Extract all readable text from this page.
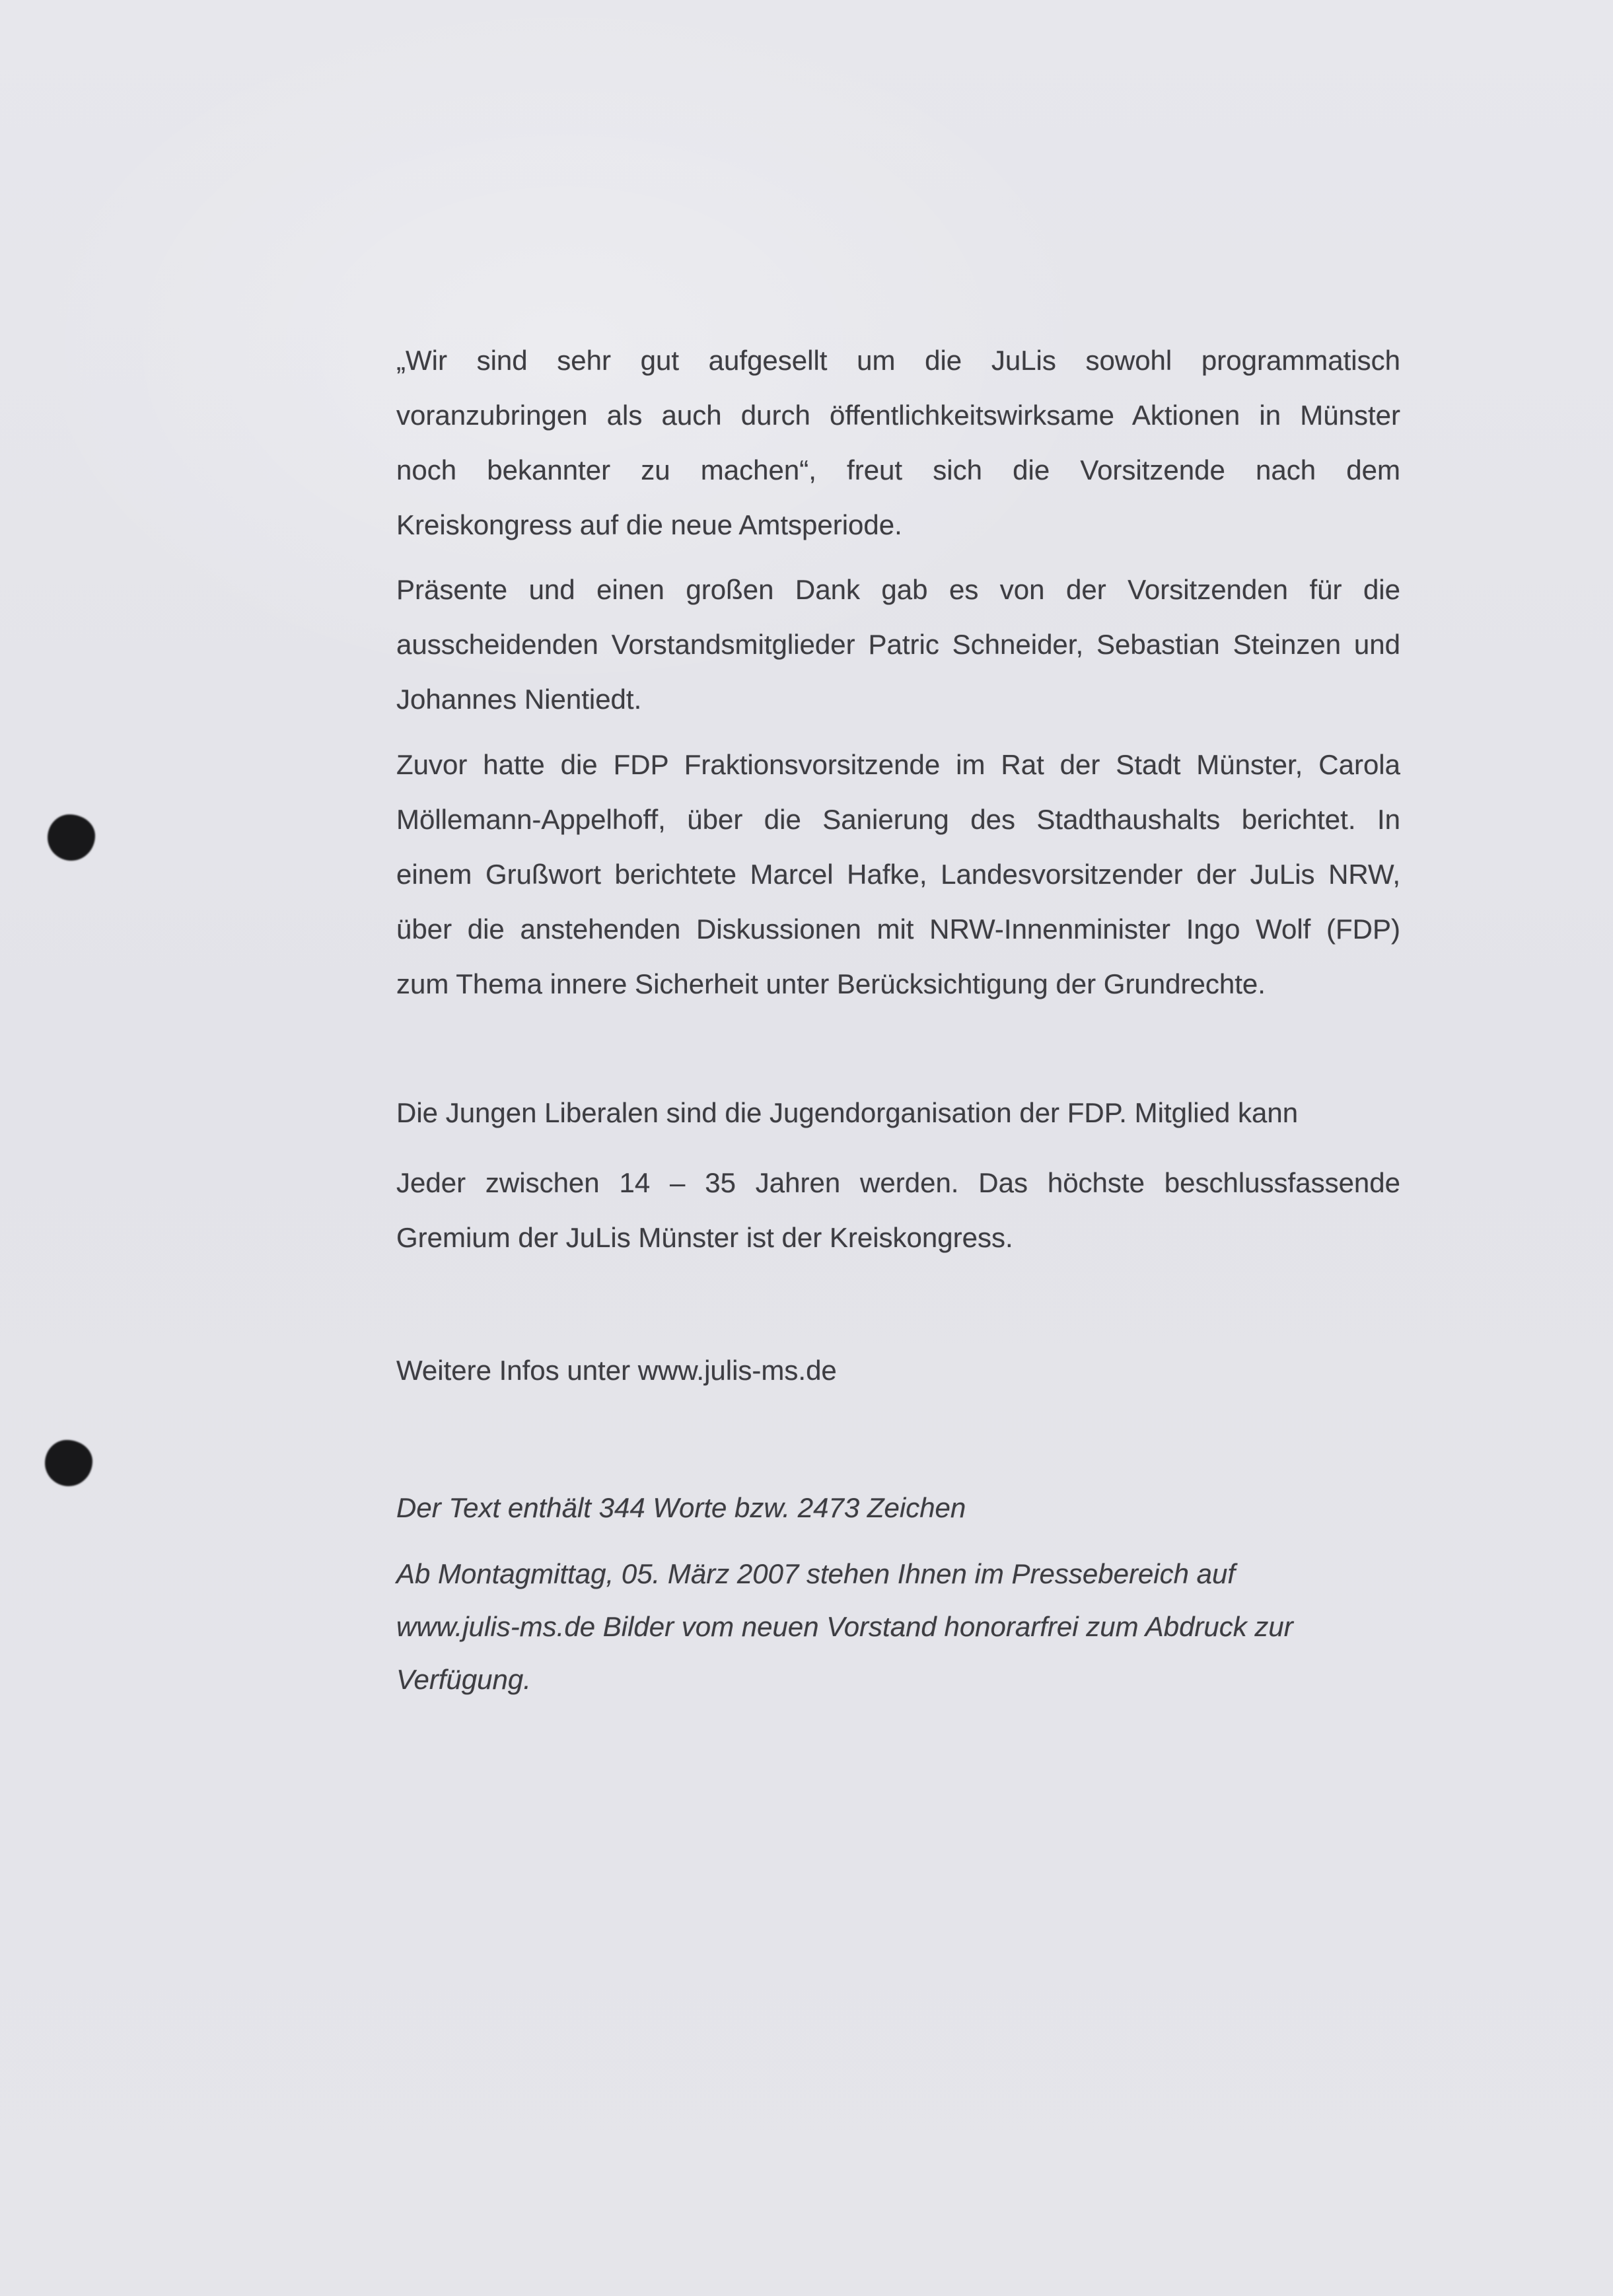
„Wir sind sehr gut aufgesellt um die JuLis sowohl programmatisch
voranzubringen als auch durch öffentlichkeitswirksame Aktionen in Münster
noch bekannter zu machen“, freut sich die Vorsitzende nach dem
Kreiskongress auf die neue Amtsperiode.
Präsente und einen großen Dank gab es von der Vorsitzenden für die
ausscheidenden Vorstandsmitglieder Patric Schneider, Sebastian Steinzen und
Johannes Nientiedt.
Zuvor hatte die FDP Fraktionsvorsitzende im Rat der Stadt Münster, Carola
Möllemann-Appelhoff, über die Sanierung des Stadthaushalts berichtet. In
einem Grußwort berichtete Marcel Hafke, Landesvorsitzender der JuLis NRW,
über die anstehenden Diskussionen mit NRW-Innenminister Ingo Wolf (FDP)
zum Thema innere Sicherheit unter Berücksichtigung der Grundrechte.
Die Jungen Liberalen sind die Jugendorganisation der FDP. Mitglied kann
Jeder zwischen 14 – 35 Jahren werden. Das höchste beschlussfassende
Gremium der JuLis Münster ist der Kreiskongress.
Weitere Infos unter www.julis-ms.de
Der Text enthält 344 Worte bzw. 2473 Zeichen
Ab Montagmittag, 05. März 2007 stehen Ihnen im Pressebereich auf
www.julis-ms.de Bilder vom neuen Vorstand honorarfrei zum Abdruck zur
Verfügung.
